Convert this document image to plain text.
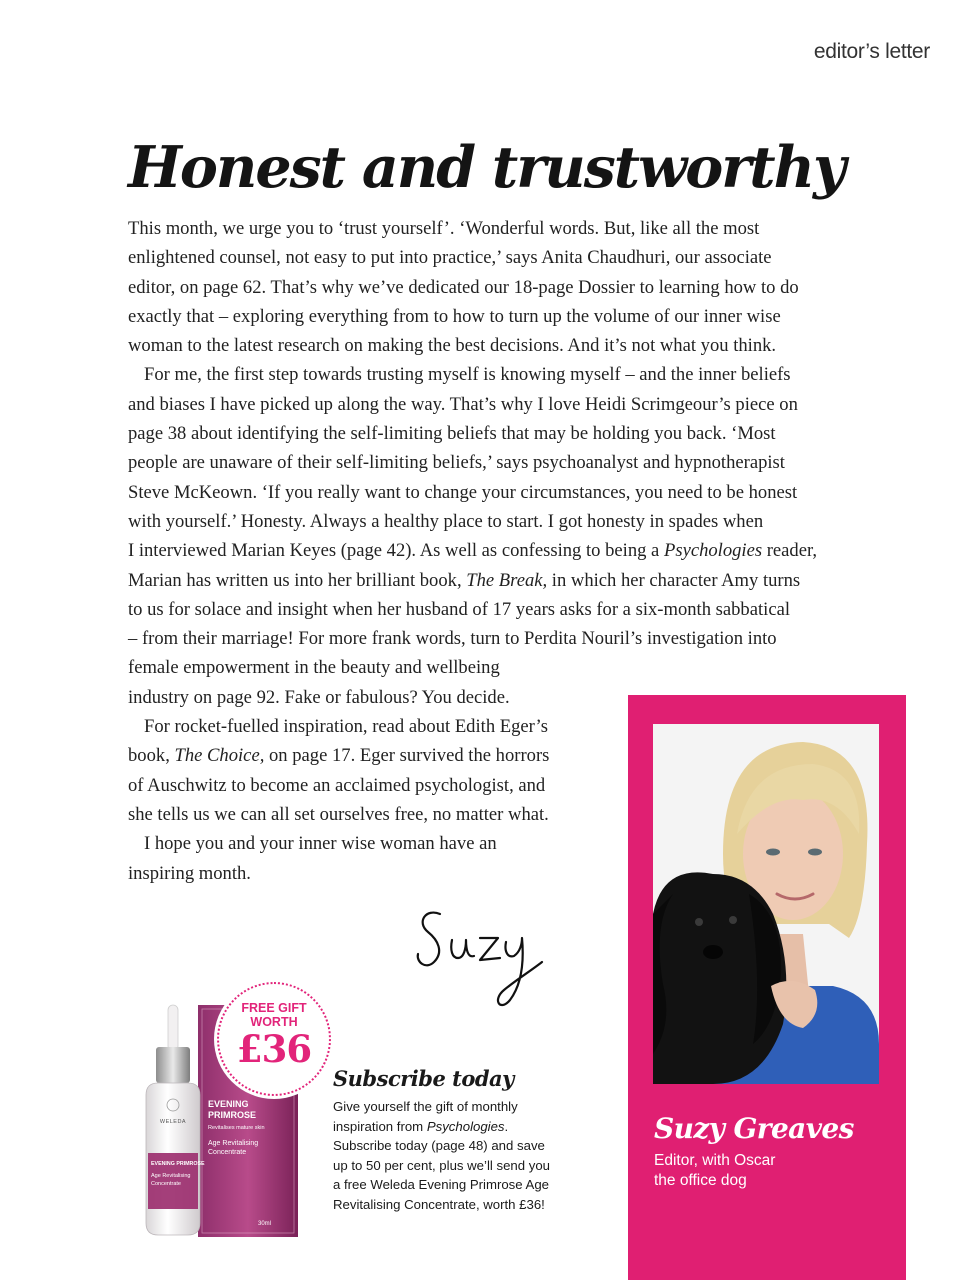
editor’s letter
Honest and trustworthy

This month, we urge you to ‘trust yourself’. ‘Wonderful words. But, like all the most
enlightened counsel, not easy to put into practice,’ says Anita Chaudhuri, our associate
editor, on page 62. That’s why we’ve dedicated our 18-page Dossier to learning how to do
exactly that – exploring everything from to how to turn up the volume of our inner wise
woman to the latest research on making the best decisions. And it’s not what you think.

For me, the first step towards trusting myself is knowing myself – and the inner beliefs
and biases I have picked up along the way. That’s why I love Heidi Scrimgeour’s piece on
page 38 about identifying the self-limiting beliefs that may be holding you back. ‘Most
people are unaware of their self-limiting beliefs,’ says psychoanalyst and hypnotherapist
Steve McKeown. ‘If you really want to change your circumstances, you need to be honest
with yourself.’ Honesty. Always a healthy place to start. I got honesty in spades when
I interviewed Marian Keyes (page 42). As well as confessing to being a Psychologies reader,
Marian has written us into her brilliant book, The Break, in which her character Amy turns
to us for solace and insight when her husband of 17 years asks for a six-month sabbatical
– from their marriage! For more frank words, turn to Perdita Nouril’s investigation into
female empowerment in the beauty and wellbeing
industry on page 92. Fake or fabulous? You decide.

For rocket-fuelled inspiration, read about Edith Eger’s
book, The Choice, on page 17. Eger survived the horrors
of Auschwitz to become an acclaimed psychologist, and
she tells us we can all set ourselves free, no matter what.

I hope you and your inner wise woman have an
inspiring month.

EVENING
PRIMROSE
Revitalises mature skin
Age Revitalising
Concentrate
30ml
WELEDA
EVENING PRIMROSE
Age Revitalising
Concentrate
FREE GIFT
WORTH
£36
Subscribe today
Give yourself the gift of monthly
inspiration from Psychologies.
Subscribe today (page 48) and save
up to 50 per cent, plus we’ll send you
a free Weleda Evening Primrose Age
Revitalising Concentrate, worth £36!
Suzy Greaves
Editor, with Oscar
the office dog
